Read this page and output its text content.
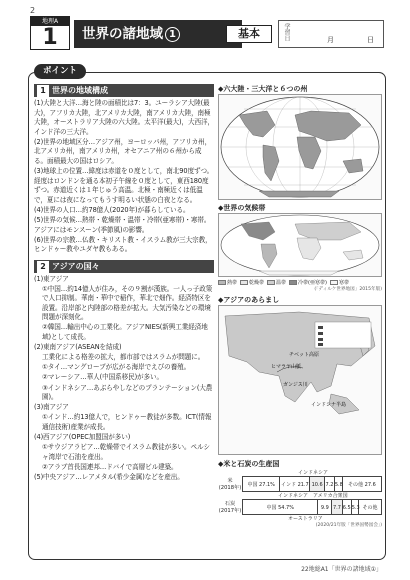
2
地理A
1	世界の諸地域 1	基本	学習日	月	日
ポイント
1 世界の地域構成

(1)大陸と大洋…海と陸の面積比は7：3。ユーラシア大陸(最大)，アフリカ大陸，北アメリカ大陸，南アメリカ大陸，南極大陸，オーストラリア大陸の六大陸。太平洋(最大)，大西洋，インド洋の三大洋。

(2)世界の地域区分…アジア州，ヨーロッパ州，アフリカ州，北アメリカ州，南アメリカ州，オセアニア州の６州から成る。面積最大の国はロシア。

(3)地球上の位置…緯度は赤道を０度として，南北90度ずつ。経度はロンドンを通る本初子午線を０度として，東西180度ずつ。赤道近くは１年じゅう高温。北極・南極近くは低温で，夏には夜になってもうす明るい状態の白夜となる。

(4)世界の人口…約78億人(2020年)が暮らしている。

(5)世界の気候…熱帯・乾燥帯・温帯・冷帯(亜寒帯)・寒帯。アジアにはモンスーン(季節風)の影響。

(6)世界の宗教…仏教・キリスト教・イスラム教が三大宗教，ヒンドゥー教やユダヤ教もある。

2 アジアの国々

(1)東アジア

①中国…約14億人が住み，その９割が漢族。一人っ子政策で人口抑制。華南・華中で稲作，華北で畑作。経済特区を設置。沿岸部と内陸部の格差が拡大。大気汚染などの環境問題が深刻化。

②韓国…輸出中心の工業化。アジアNIES(新興工業経済地域)として成長。

(2)東南アジア(ASEANを結成)

工業化による格差の拡大，都市部ではスラムが問題に。

①タイ…マングローブが広がる海岸でえびの養殖。

②マレーシア…華人(中国系移民)が多い。

③インドネシア…あぶらやしなどのプランテーション(大農園)。

(3)南アジア

①インド…約13億人で，ヒンドゥー教徒が多数。ICT(情報通信技術)産業が成長。

(4)西アジア(OPEC加盟国が多い)

①サウジアラビア…乾燥帯でイスラム教徒が多い。ペルシャ湾岸で石油を産出。

②アラブ首長国連邦…ドバイで高層ビル建築。

(5)中央アジア…レアメタル(希少金属)などを産出。

◆六大陸・三大洋と６つの州
◆世界の気候帯
熱帯	乾燥帯	温帯	冷帯(亜寒帯)	寒帯
(「ディルケ世界地図」2015年版)
◆アジアのあらまし
ヒマラヤ山脈
チベット高原
インドシナ半島
ガンジス川
◆米と石炭の生産国
インドネシア
米
(2018年)	中国 27.1%	インド 21.7 10.6 7.2 5.8	その他 27.6
インドネシア　アメリカ合衆国
石炭
(2017年)	中国 54.7%	9.9 7.7 6.5 5.3 その他
オーストラリア
(2020/21年版「世界国勢図会」)
22地総A1「世界の諸地域①」
